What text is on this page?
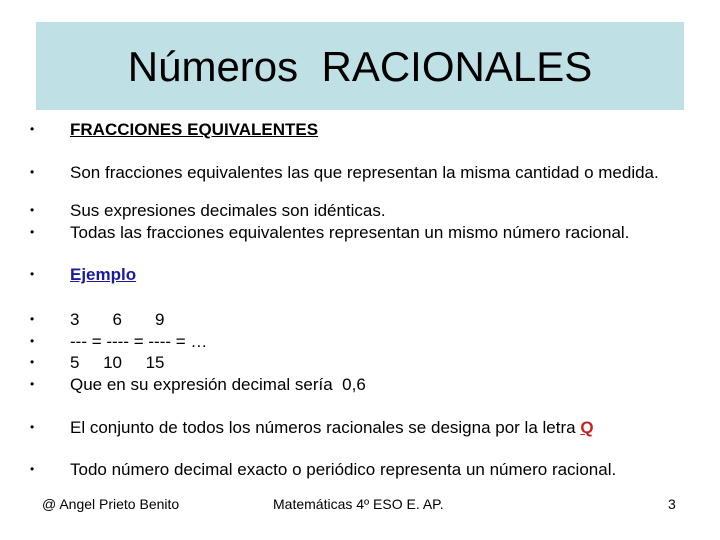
Números  RACIONALES

•

FRACCIONES EQUIVALENTES

•

Son fracciones equivalentes las que representan la misma cantidad o medida.

•

Sus expresiones decimales son idénticas.

•

Todas las fracciones equivalentes representan un mismo número racional.

•

Ejemplo

•

3       6       9

•

--- = ---- = ---- = …

•

5     10     15

•

Que en su expresión decimal sería  0,6

•

El conjunto de todos los números racionales se designa por la letra Q

•

Todo número decimal exacto o periódico representa un número racional.

@ Angel Prieto Benito	Matemáticas 4º ESO E. AP.	3
